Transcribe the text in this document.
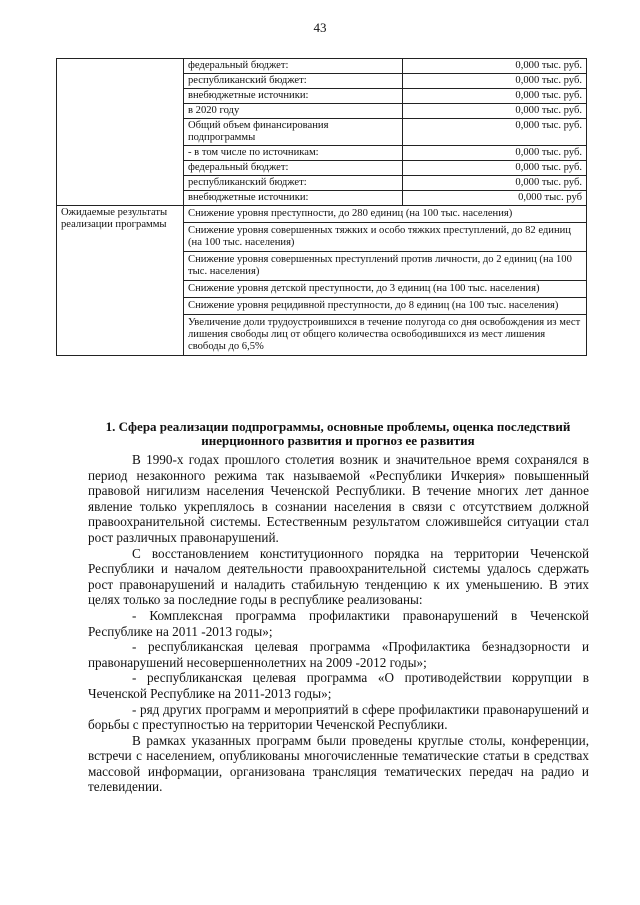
43
	федеральный бюджет:	0,000 тыс. руб.
	республиканский бюджет:	0,000 тыс. руб.
	внебюджетные источники:	0,000 тыс. руб.
	в 2020 году	0,000 тыс. руб.
	Общий объем финансирования подпрограммы	0,000 тыс. руб.
	- в том числе по источникам:	0,000 тыс. руб.
	федеральный бюджет:	0,000 тыс. руб.
	республиканский бюджет:	0,000 тыс. руб.
	внебюджетные источники:	0,000 тыс. руб
Ожидаемые результаты реализации программы	Снижение уровня преступности, до 280 единиц (на 100 тыс. населения)	
	Снижение уровня совершенных тяжких и особо тяжких преступлений, до 82 единиц (на 100 тыс. населения)	
	Снижение уровня совершенных преступлений против личности, до 2 единиц (на 100 тыс. населения)	
	Снижение уровня детской преступности, до 3 единиц (на 100 тыс. населения)	
	Снижение уровня рецидивной преступности, до 8 единиц (на 100 тыс. населения)	
	Увеличение доли трудоустроившихся в течение полугода со дня освобождения из мест лишения свободы лиц от общего количества освободившихся из мест лишения свободы до 6,5%	
1. Сфера реализации подпрограммы, основные проблемы, оценка последствий инерционного развития и прогноз ее развития

В 1990-х годах прошлого столетия возник и значительное время сохранялся в период незаконного режима так называемой «Республики Ичкерия» повышенный правовой нигилизм населения Чеченской Республики. В течение многих лет данное явление только укреплялось в сознании населения в связи с отсутствием должной правоохранительной системы. Естественным результатом сложившейся ситуации стал рост различных правонарушений.

С восстановлением конституционного порядка на территории Чеченской Республики и началом деятельности правоохранительной системы удалось сдержать рост правонарушений и наладить стабильную тенденцию к их уменьшению. В этих целях только за последние годы в республике реализованы:

- Комплексная программа профилактики правонарушений в Чеченской Республике на 2011 -2013 годы»;

- республиканская целевая программа «Профилактика безнадзорности и правонарушений несовершеннолетних на 2009 -2012 годы»;

- республиканская целевая программа «О противодействии коррупции в Чеченской Республике на 2011-2013 годы»;

- ряд других программ и мероприятий в сфере профилактики правонарушений и борьбы с преступностью на территории Чеченской Республики.

В рамках указанных программ были проведены круглые столы, конференции, встречи с населением, опубликованы многочисленные тематические статьи в средствах массовой информации, организована трансляция тематических передач на радио и телевидении.
